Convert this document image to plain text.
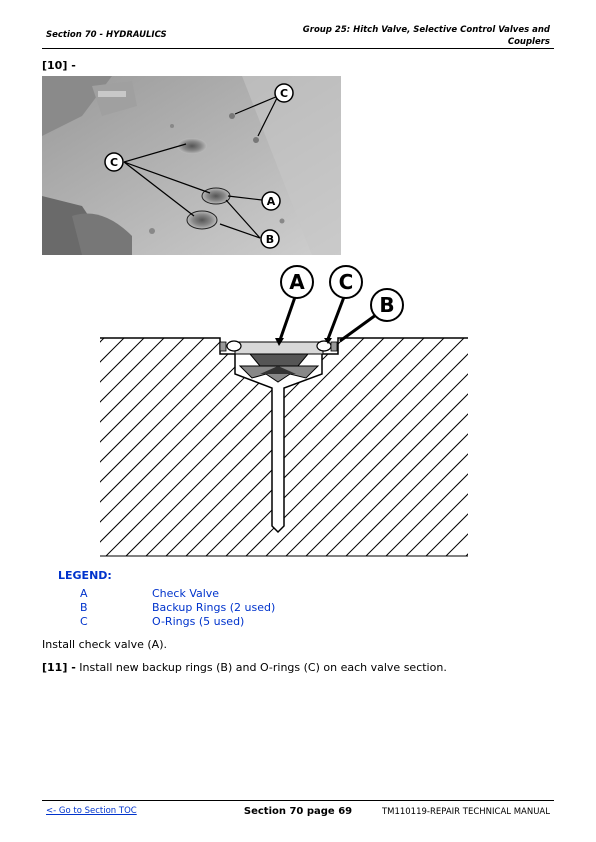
Section 70 - HYDRAULICS	Group 25: Hitch Valve, Selective Control Valves and
Couplers
[10] -
C
C
A
B
A C
B
LEGEND:
A	Check Valve
B	Backup Rings (2 used)
C	O-Rings (5 used)
Install check valve (A).
[11] - Install new backup rings (B) and O-rings (C) on each valve section.
<- Go to Section TOC	Section 70 page 69	TM110119-REPAIR TECHNICAL MANUAL
